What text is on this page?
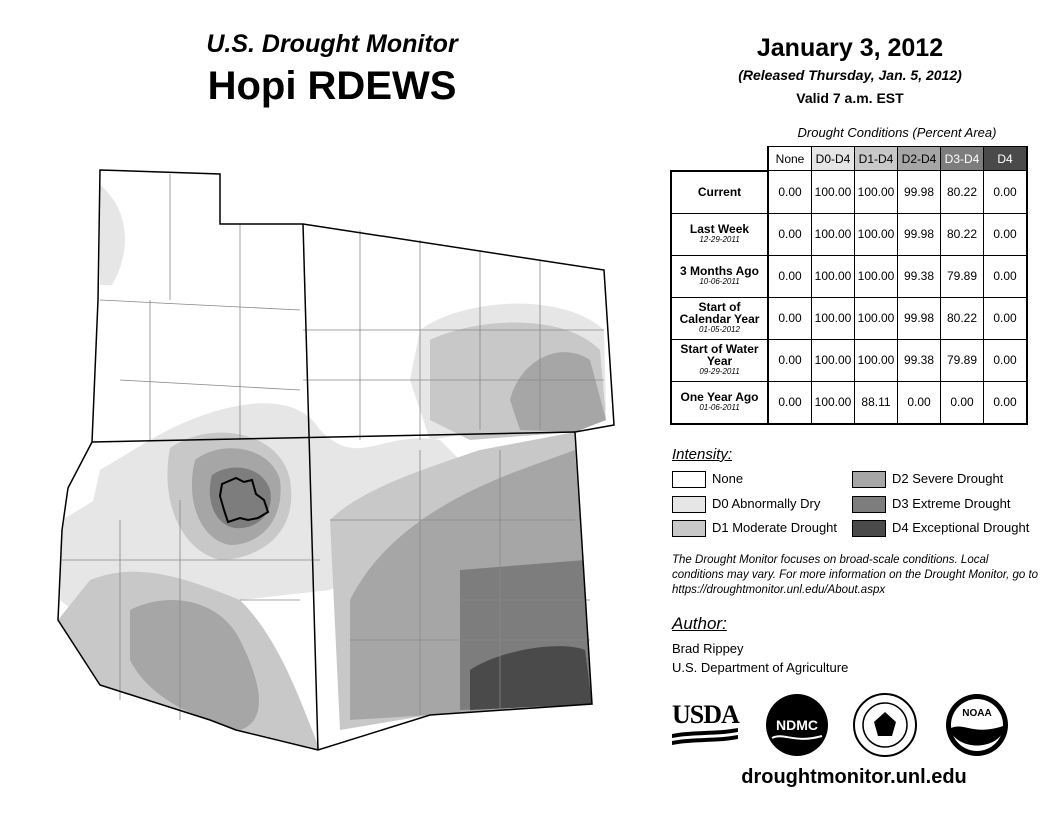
U.S. Drought Monitor
Hopi RDEWS
January 3, 2012
(Released Thursday, Jan. 5, 2012)
Valid 7 a.m. EST
Drought Conditions (Percent Area)
	None	D0-D4	D1-D4	D2-D4	D3-D4	D4
Current	0.00	100.00	100.00	99.98	80.22	0.00
Last Week
12-29-2011	0.00	100.00	100.00	99.98	80.22	0.00
3 Months Ago
10-06-2011	0.00	100.00	100.00	99.38	79.89	0.00
Start of Calendar Year
01-05-2012	0.00	100.00	100.00	99.98	80.22	0.00
Start of Water Year
09-29-2011	0.00	100.00	100.00	99.38	79.89	0.00
One Year Ago
01-06-2011	0.00	100.00	88.11	0.00	0.00	0.00
Intensity:
None
D0 Abnormally Dry
D1 Moderate Drought
D2 Severe Drought
D3 Extreme Drought
D4 Exceptional Drought
The Drought Monitor focuses on broad-scale conditions. Local conditions may vary. For more information on the Drought Monitor, go to https://droughtmonitor.unl.edu/About.aspx
Author:
Brad Rippey
U.S. Department of Agriculture
USDA	NDMC
NOAA
droughtmonitor.unl.edu
